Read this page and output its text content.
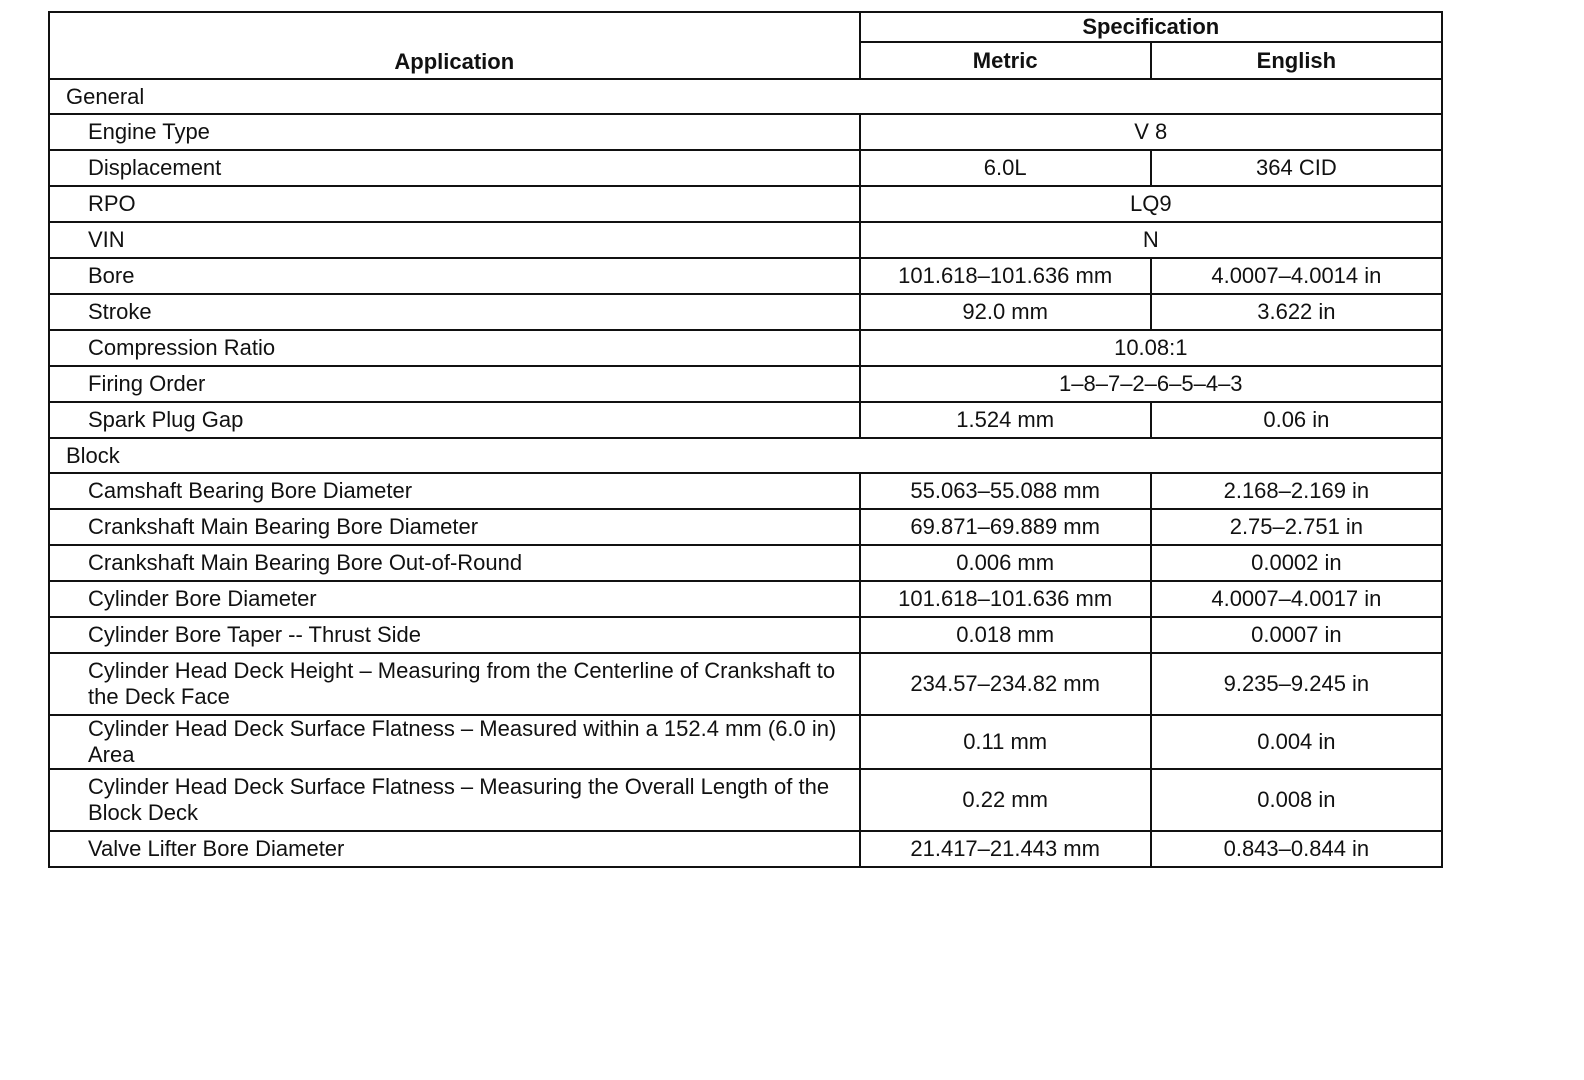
Application	Specification	
	Metric	English
General		
Engine Type	V 8	
Displacement	6.0L	364 CID
RPO	LQ9	
VIN	N	
Bore	101.618–101.636 mm	4.0007–4.0014 in
Stroke	92.0 mm	3.622 in
Compression Ratio	10.08:1	
Firing Order	1–8–7–2–6–5–4–3	
Spark Plug Gap	1.524 mm	0.06 in
Block		
Camshaft Bearing Bore Diameter	55.063–55.088 mm	2.168–2.169 in
Crankshaft Main Bearing Bore Diameter	69.871–69.889 mm	2.75–2.751 in
Crankshaft Main Bearing Bore Out-of-Round	0.006 mm	0.0002 in
Cylinder Bore Diameter	101.618–101.636 mm	4.0007–4.0017 in
Cylinder Bore Taper -- Thrust Side	0.018 mm	0.0007 in
Cylinder Head Deck Height – Measuring from the Centerline of Crankshaft to the Deck Face	234.57–234.82 mm	9.235–9.245 in
Cylinder Head Deck Surface Flatness – Measured within a 152.4 mm (6.0 in) Area	0.11 mm	0.004 in
Cylinder Head Deck Surface Flatness – Measuring the Overall Length of the Block Deck	0.22 mm	0.008 in
Valve Lifter Bore Diameter	21.417–21.443 mm	0.843–0.844 in
